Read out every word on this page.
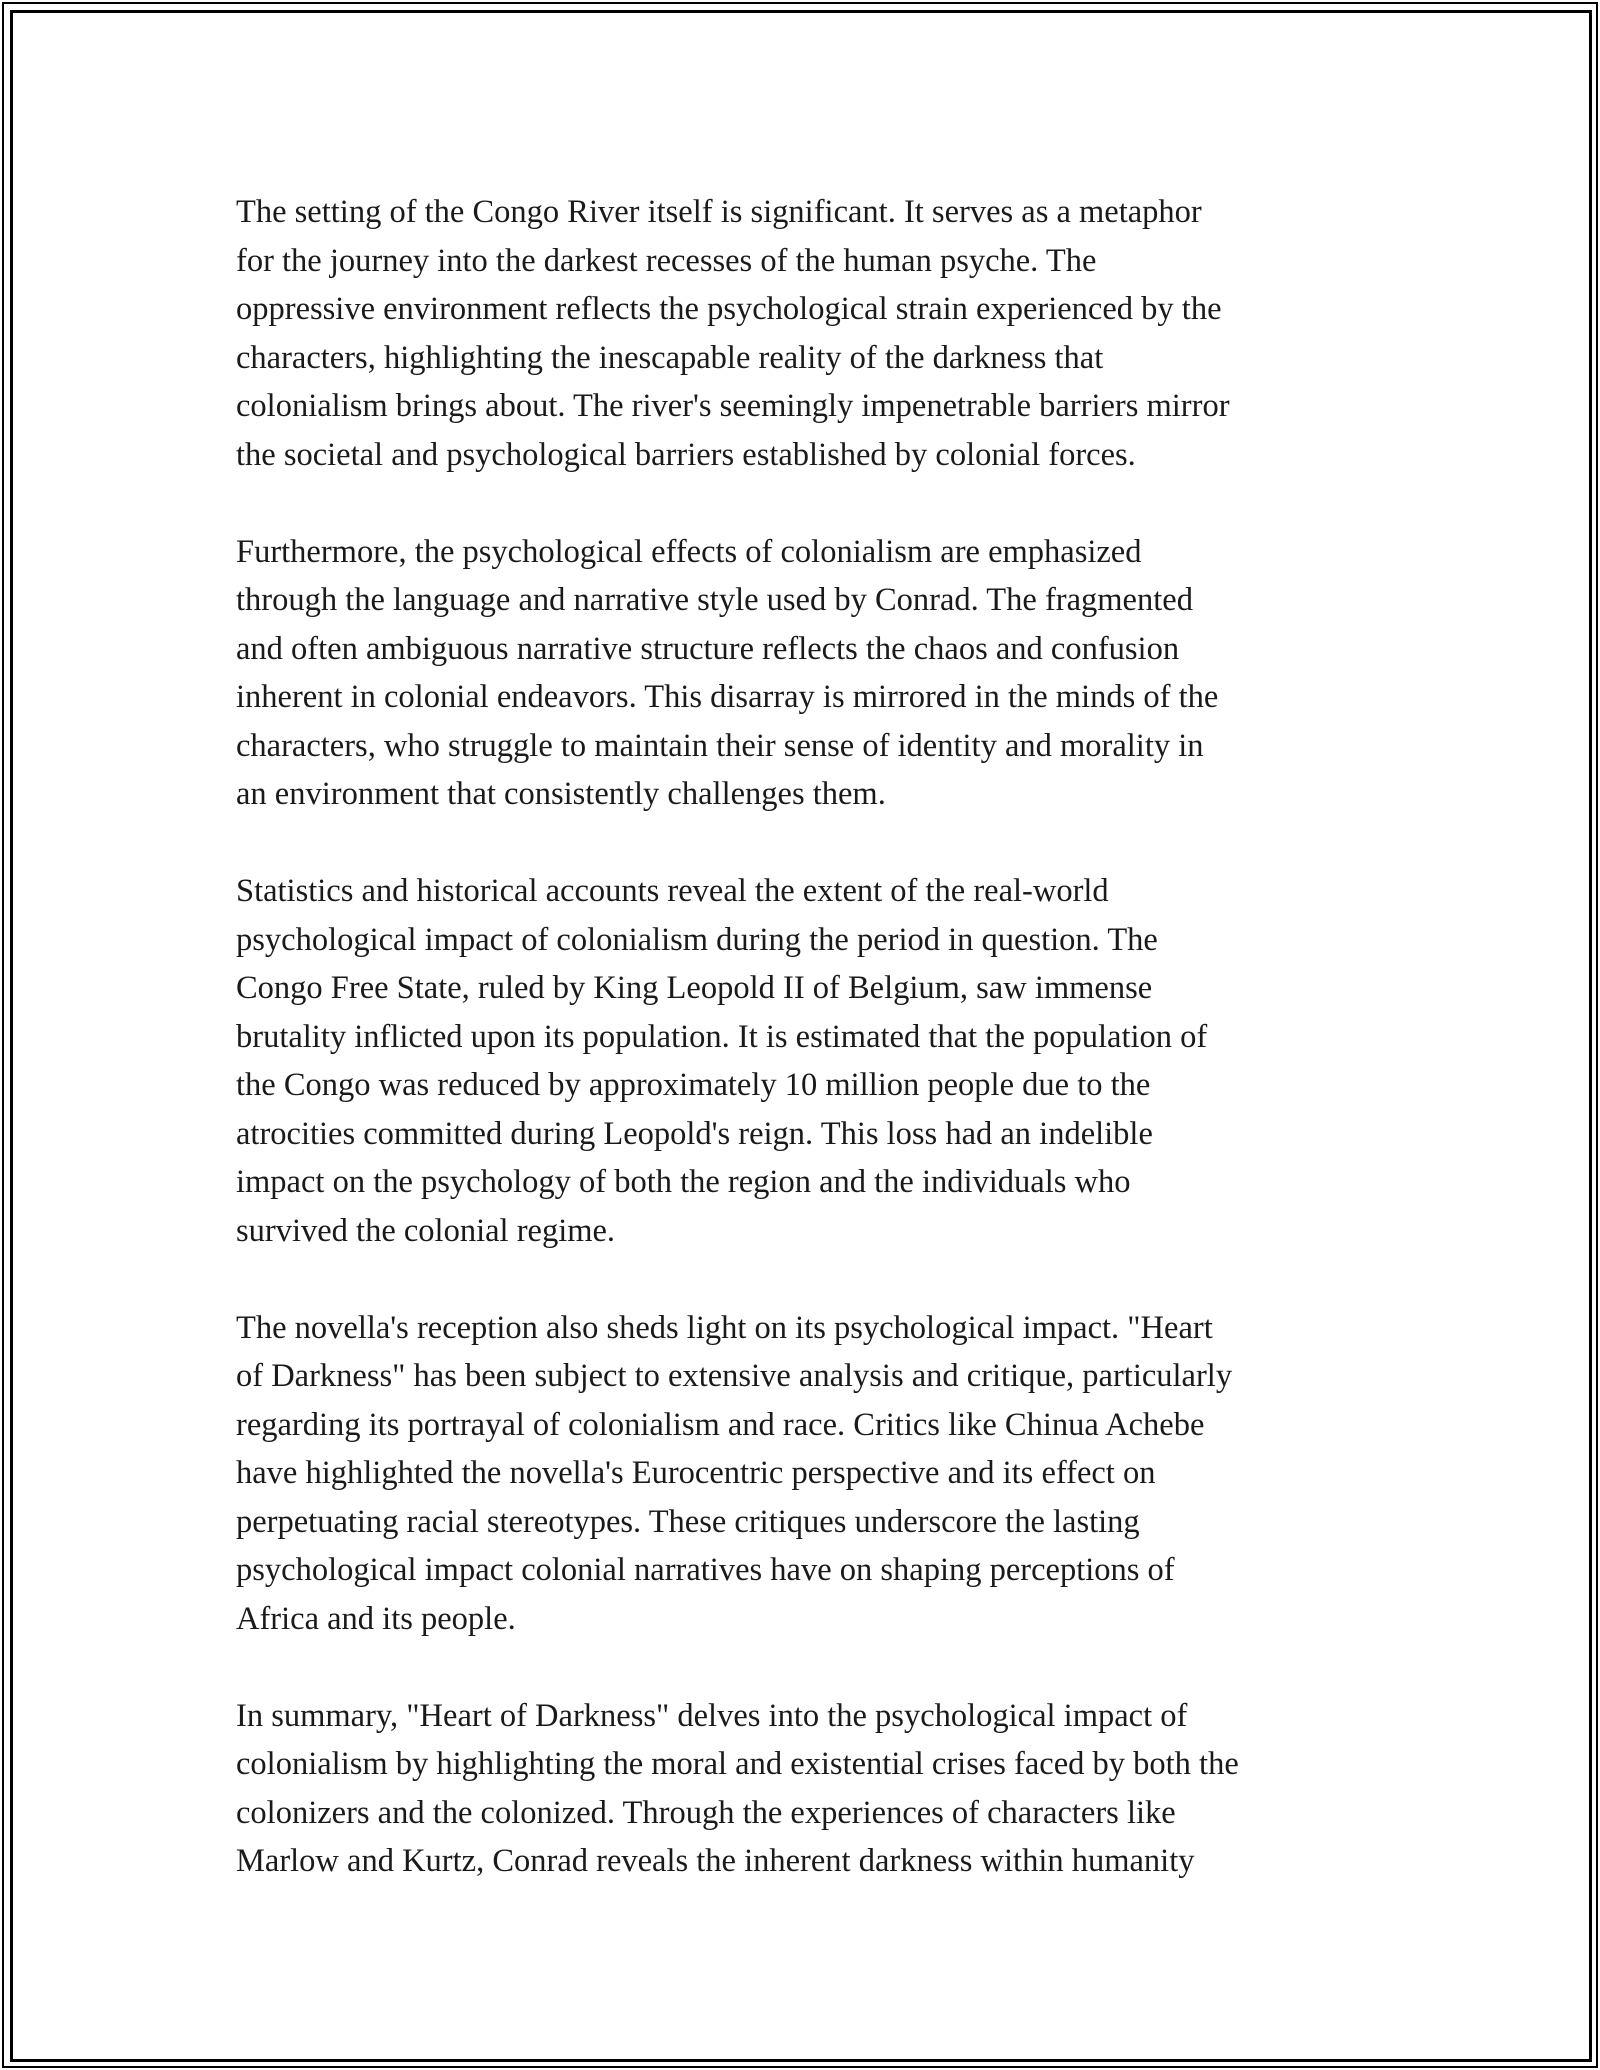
The setting of the Congo River itself is significant. It serves as a metaphor
for the journey into the darkest recesses of the human psyche. The
oppressive environment reflects the psychological strain experienced by the
characters, highlighting the inescapable reality of the darkness that
colonialism brings about. The river's seemingly impenetrable barriers mirror
the societal and psychological barriers established by colonial forces.

Furthermore, the psychological effects of colonialism are emphasized
through the language and narrative style used by Conrad. The fragmented
and often ambiguous narrative structure reflects the chaos and confusion
inherent in colonial endeavors. This disarray is mirrored in the minds of the
characters, who struggle to maintain their sense of identity and morality in
an environment that consistently challenges them.

Statistics and historical accounts reveal the extent of the real-world
psychological impact of colonialism during the period in question. The
Congo Free State, ruled by King Leopold II of Belgium, saw immense
brutality inflicted upon its population. It is estimated that the population of
the Congo was reduced by approximately 10 million people due to the
atrocities committed during Leopold's reign. This loss had an indelible
impact on the psychology of both the region and the individuals who
survived the colonial regime.

The novella's reception also sheds light on its psychological impact. "Heart
of Darkness" has been subject to extensive analysis and critique, particularly
regarding its portrayal of colonialism and race. Critics like Chinua Achebe
have highlighted the novella's Eurocentric perspective and its effect on
perpetuating racial stereotypes. These critiques underscore the lasting
psychological impact colonial narratives have on shaping perceptions of
Africa and its people.

In summary, "Heart of Darkness" delves into the psychological impact of
colonialism by highlighting the moral and existential crises faced by both the
colonizers and the colonized. Through the experiences of characters like
Marlow and Kurtz, Conrad reveals the inherent darkness within humanity
